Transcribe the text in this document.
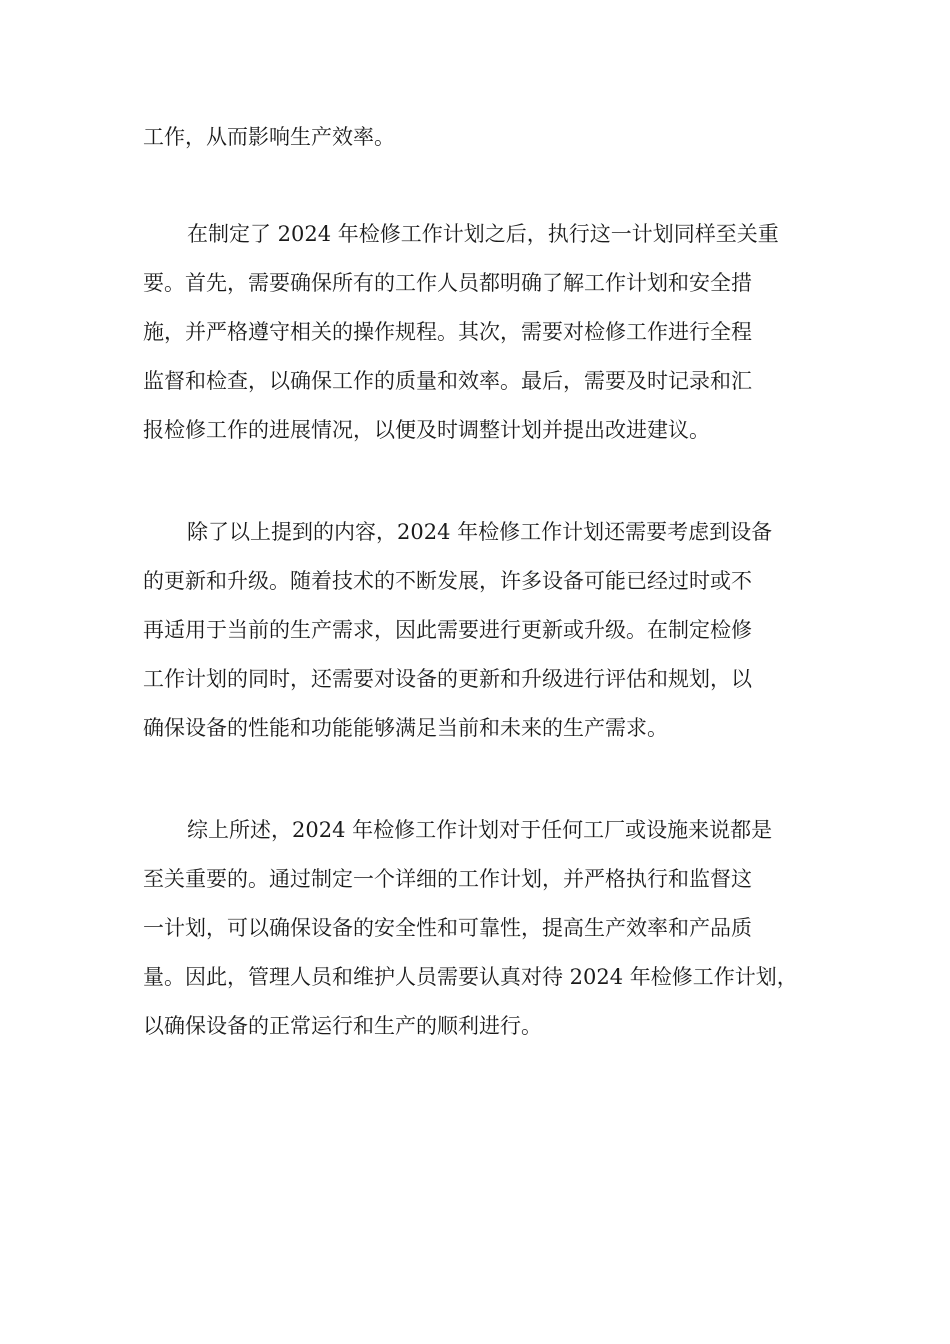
工作，从而影响生产效率。
在制定了 2024 年检修工作计划之后，执行这一计划同样至关重
要。首先，需要确保所有的工作人员都明确了解工作计划和安全措
施，并严格遵守相关的操作规程。其次，需要对检修工作进行全程
监督和检查，以确保工作的质量和效率。最后，需要及时记录和汇
报检修工作的进展情况，以便及时调整计划并提出改进建议。
除了以上提到的内容，2024 年检修工作计划还需要考虑到设备
的更新和升级。随着技术的不断发展，许多设备可能已经过时或不
再适用于当前的生产需求，因此需要进行更新或升级。在制定检修
工作计划的同时，还需要对设备的更新和升级进行评估和规划，以
确保设备的性能和功能能够满足当前和未来的生产需求。
综上所述，2024 年检修工作计划对于任何工厂或设施来说都是
至关重要的。通过制定一个详细的工作计划，并严格执行和监督这
一计划，可以确保设备的安全性和可靠性，提高生产效率和产品质
量。因此，管理人员和维护人员需要认真对待 2024 年检修工作计划，
以确保设备的正常运行和生产的顺利进行。
